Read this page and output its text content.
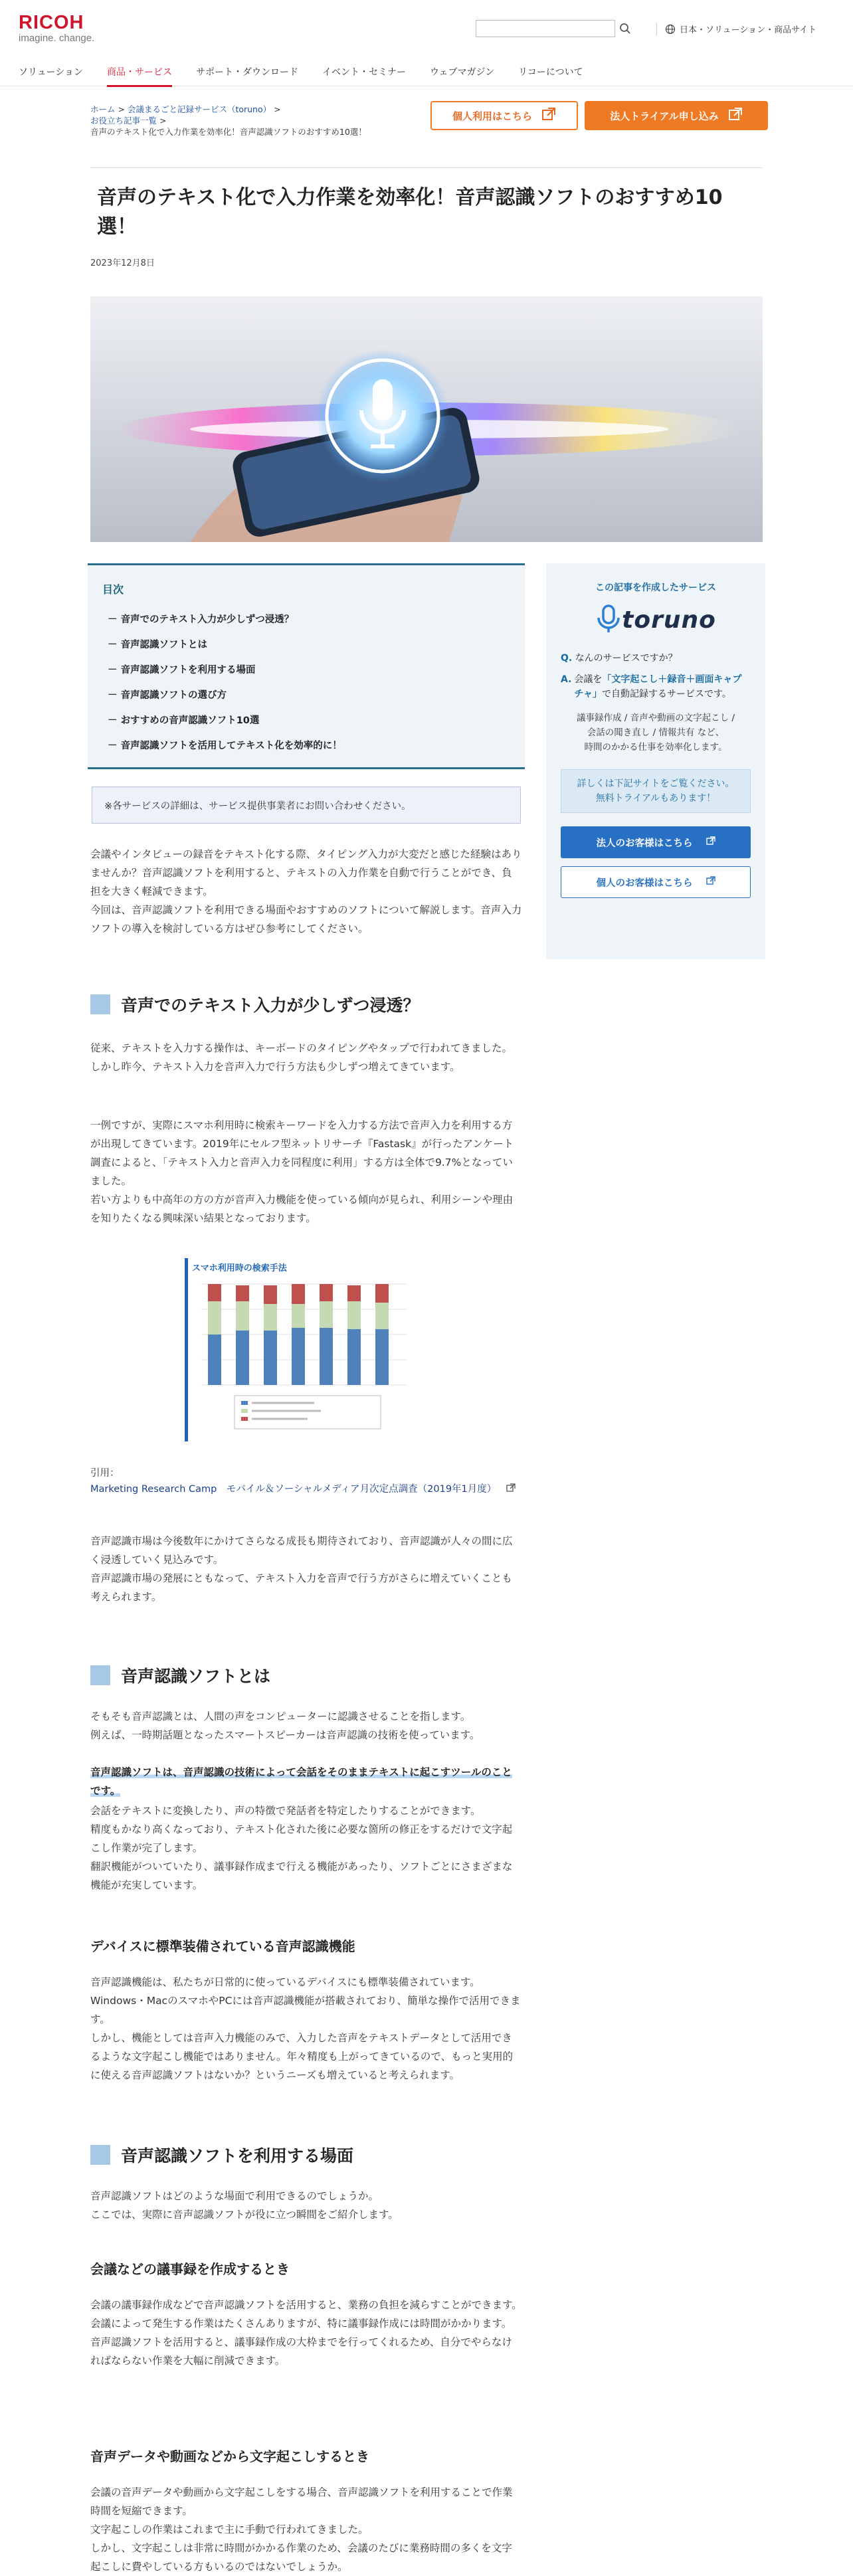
RICOH
imagine. change.
日本・ソリューション・商品サイト
ソリューション	商品・サービス	サポート・ダウンロード	イベント・セミナー	ウェブマガジン	リコーについて
ホーム > 会議まるごと記録サービス（toruno） >
お役立ち記事一覧 >
音声のテキスト化で入力作業を効率化！音声認識ソフトのおすすめ10選！
個人利用はこちら	法人トライアル申し込み
音声のテキスト化で入力作業を効率化！音声認識ソフトのおすすめ10選！
2023年12月8日
目次
－ 音声でのテキスト入力が少しずつ浸透？
－ 音声認識ソフトとは
－ 音声認識ソフトを利用する場面
－ 音声認識ソフトの選び方
－ おすすめの音声認識ソフト10選
－ 音声認識ソフトを活用してテキスト化を効率的に！
※各サービスの詳細は、サービス提供事業者にお問い合わせください。
この記事を作成したサービス
toruno
Q. なんのサービスですか？
A. 会議を「文字起こし＋録音＋画面キャプチャ」で自動記録するサービスです。
議事録作成 / 音声や動画の文字起こし /
会話の聞き直し / 情報共有 など、
時間のかかる仕事を効率化します。
詳しくは下記サイトをご覧ください。
無料トライアルもあります！
法人のお客様はこちら
個人のお客様はこちら
会議やインタビューの録音をテキスト化する際、タイピング入力が大変だと感じた経験はありませんか？音声認識ソフトを利用すると、テキストの入力作業を自動で行うことができ、負担を大きく軽減できます。
今回は、音声認識ソフトを利用できる場面やおすすめのソフトについて解説します。音声入力ソフトの導入を検討している方はぜひ参考にしてください。
音声でのテキスト入力が少しずつ浸透？
従来、テキストを入力する操作は、キーボードのタイピングやタップで行われてきました。
しかし昨今、テキスト入力を音声入力で行う方法も少しずつ増えてきています。
一例ですが、実際にスマホ利用時に検索キーワードを入力する方法で音声入力を利用する方が出現してきています。2019年にセルフ型ネットリサーチ『Fastask』が行ったアンケート調査によると、「テキスト入力と音声入力を同程度に利用」する方は全体で9.7%となっていました。
若い方よりも中高年の方の方が音声入力機能を使っている傾向が見られ、利用シーンや理由を知りたくなる興味深い結果となっております。
スマホ利用時の検索手法
引用：
Marketing Research Camp　モバイル＆ソーシャルメディア月次定点調査（2019年1月度）
音声認識市場は今後数年にかけてさらなる成長も期待されており、音声認識が人々の間に広く浸透していく見込みです。
音声認識市場の発展にともなって、テキスト入力を音声で行う方がさらに増えていくことも考えられます。
音声認識ソフトとは
そもそも音声認識とは、人間の声をコンピューターに認識させることを指します。
例えば、一時期話題となったスマートスピーカーは音声認識の技術を使っています。
音声認識ソフトは、音声認識の技術によって会話をそのままテキストに起こすツールのことです。
会話をテキストに変換したり、声の特徴で発話者を特定したりすることができます。
精度もかなり高くなっており、テキスト化された後に必要な箇所の修正をするだけで文字起こし作業が完了します。
翻訳機能がついていたり、議事録作成まで行える機能があったり、ソフトごとにさまざまな機能が充実しています。
デバイスに標準装備されている音声認識機能
音声認識機能は、私たちが日常的に使っているデバイスにも標準装備されています。
Windows・MacのスマホやPCには音声認識機能が搭載されており、簡単な操作で活用できます。
しかし、機能としては音声入力機能のみで、入力した音声をテキストデータとして活用できるような文字起こし機能ではありません。年々精度も上がってきているので、もっと実用的に使える音声認識ソフトはないか？というニーズも増えていると考えられます。
音声認識ソフトを利用する場面
音声認識ソフトはどのような場面で利用できるのでしょうか。
ここでは、実際に音声認識ソフトが役に立つ瞬間をご紹介します。
会議などの議事録を作成するとき
会議の議事録作成などで音声認識ソフトを活用すると、業務の負担を減らすことができます。
会議によって発生する作業はたくさんありますが、特に議事録作成には時間がかかります。
音声認識ソフトを活用すると、議事録作成の大枠までを行ってくれるため、自分でやらなければならない作業を大幅に削減できます。
音声データや動画などから文字起こしするとき
会議の音声データや動画から文字起こしをする場合、音声認識ソフトを利用することで作業時間を短縮できます。
文字起こしの作業はこれまで主に手動で行われてきました。
しかし、文字起こしは非常に時間がかかる作業のため、会議のたびに業務時間の多くを文字起こしに費やしている方もいるのではないでしょうか。
